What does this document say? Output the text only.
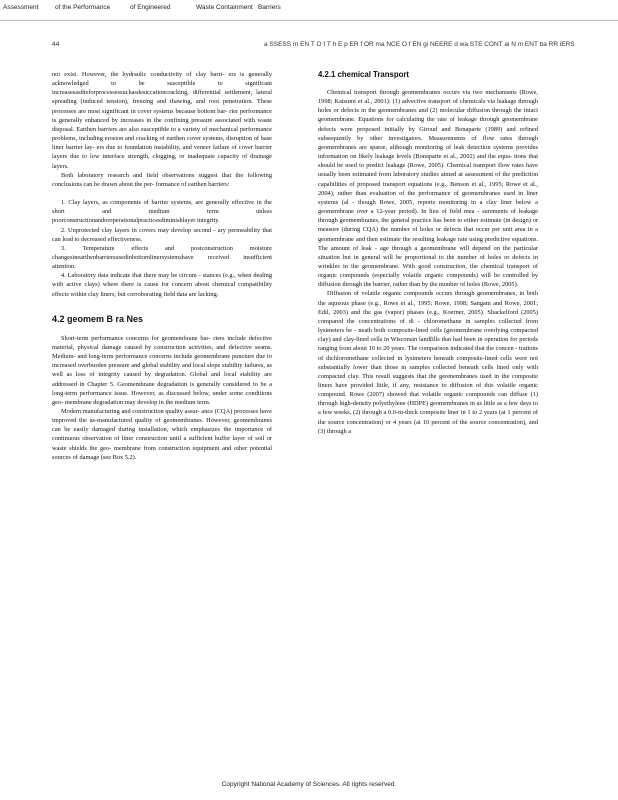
Assessment	of the Performance	of Engineered	Waste Containment Barriers
44	a SSESS m EN T O f T h E p ER f OR ma NCE O f EN gi NEERE d wa STE CONT ai N m ENT ba RR iERS

not exist. However, the hydraulic conductivity of clay barri- ers is generally acknowledged to be susceptible to significant increasesastheforprocessessuchasdesiccationcracking, differential settlement, lateral spreading (induced tension), freezing and thawing, and root penetration. These processes are most significant in cover systems because bottom bar- rier performance is generally enhanced by increases in the confining pressure associated with waste disposal. Earthen barriers are also susceptible to a variety of mechanical performance problems, including erosion and cracking of earthen cover systems, disruption of base liner barrier lay- ers due to foundation instability, and veneer failure of cover barrier layers due to low interface strength, clogging, or inadequate capacity of drainage layers.

Both laboratory research and field observations suggest that the following conclusions can be drawn about the per- formance of earthen barriers:

1. Clay layers, as components of barrier systems, are generally effective in the short and medium term unless poorconstructionandoroperationalpracticesdiminishlayer integrity.

2. Unprotected clay layers in covers may develop second - ary permeability that can lead to decreased effectiveness.

3. Temperature effects and postconstruction moisture changesinearthenbarriersusedinbottomlinersystemshave received insufficient attention.

4. Laboratory data indicate that there may be circum - stances (e.g., when dealing with active clays) where there is cause for concern about chemical compatibility effects within clay liners, but corroborating field data are lacking.

4.2 geomem B ra Nes

Short-term performance concerns for geomembrane bar- riers include defective material, physical damage caused by construction activities, and defective seams. Medium- and long-term performance concerns include geomembrane puncture due to increased overburden pressure and global stability and local slope stability failures, as well as loss of integrity caused by degradation. Global and local stability are addressed in Chapter 5. Geomembrane degradation is generally considered to be a long-term performance issue. However, as discussed below, under some conditions geo- membrane degradation may develop in the medium term.

Modern manufacturing and construction quality assur- ance (CQA) processes have improved the as-manufactured quality of geomembranes. However, geomembranes can be easily damaged during installation, which emphasizes the importance of continuous observation of liner construction until a sufficient buffer layer of soil or waste shields the geo- membrane from construction equipment and other potential sources of damage (see Box 5.2).

4.2.1 chemical Transport

Chemical transport through geomembranes occurs via two mechanisms (Rowe, 1998; Katsumi et al., 2001): (1) advective transport of chemicals via leakage through holes or defects in the geomembranes and (2) molecular diffusion through the intact geomembrane. Equations for calculating the rate of leakage through geomembrane defects were proposed initially by Giroud and Bonaparte (1989) and refined subsequently by other investigators. Measurements of flow rates through geomembranes are sparse, although monitoring of leak detection systems provides information on likely leakage levels (Bonaparte et al., 2002) and the equa- tions that should be used to predict leakage (Rowe, 2005). Chemical transport flow rates have usually been estimated from laboratory studies aimed at assessment of the prediction capabilities of proposed transport equations (e.g., Benson et al., 1995; Rowe et al., 2004), rather than evaluation of the performance of geomembranes used in liner systems (al - though Rowe, 2005, reports monitoring in a clay liner below a geomembrane over a 12-year period). In lieu of field mea - surements of leakage through geomembranes, the general practice has been to either estimate (in design) or measure (during CQA) the number of holes or defects that occur per unit area in a geomembrane and then estimate the resulting leakage rate using predictive equations. The amount of leak - age through a geomembrane will depend on the particular situation but in general will be proportional to the number of holes or defects in wrinkles in the geomembrane. With good construction, the chemical transport of organic compounds (especially volatile organic compounds) will be controlled by diffusion through the barrier, rather than by the number of holes (Rowe, 2005).

Diffusion of volatile organic compounds occurs through geomembranes, in both the aqueous phase (e.g., Rowe et al., 1995; Rowe, 1998; Sangam and Rowe, 2001; Edil, 2003) and the gas (vapor) phases (e.g., Koerner, 2005). Shackelford (2005) compared the concentrations of di - chloromethane in samples collected from lysimeters be - neath both composite-lined cells (geomembrane overlying compacted clay) and clay-lined cells in Wisconsin landfills that had been in operation for periods ranging from about 10 to 20 years. The comparison indicated that the concen - trations of dichloromethane collected in lysimeters beneath composite-lined cells were not substantially lower than those in samples collected beneath cells lined only with compacted clay. This result suggests that the geomembranes used in the composite liners have provided little, if any, resistance to diffusion of this volatile organic compound. Rowe (2007) showed that volatile organic compounds can diffuse (1) through high-density polyethylene (HDPE) geomembranes in as little as a few days to a few weeks, (2) through a 0.6-m-thick composite liner in 1 to 2 years (at 1 percent of the source concentration) or 4 years (at 10 percent of the source concentration), and (3) through a

Copyright National Academy of Sciences. All rights reserved.
